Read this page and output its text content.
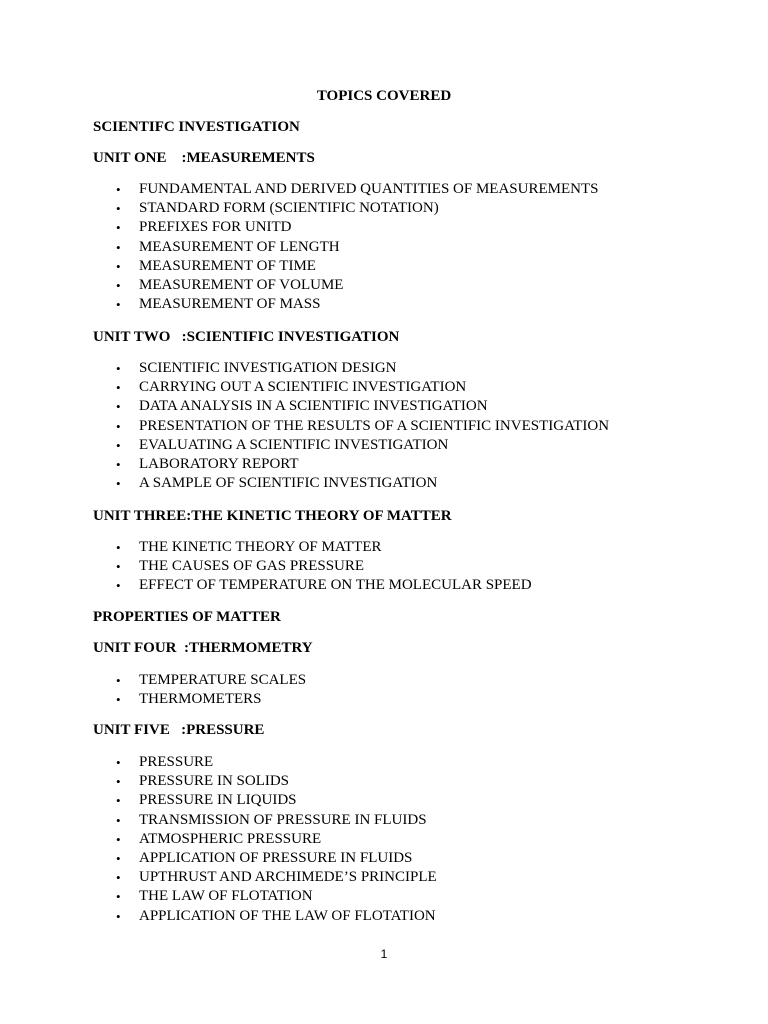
TOPICS COVERED

SCIENTIFC INVESTIGATION

UNIT ONE    :MEASUREMENTS

• FUNDAMENTAL AND DERIVED QUANTITIES OF MEASUREMENTS
• STANDARD FORM (SCIENTIFIC NOTATION)
• PREFIXES FOR UNITD
• MEASUREMENT OF LENGTH
• MEASUREMENT OF TIME
• MEASUREMENT OF VOLUME
• MEASUREMENT OF MASS

UNIT TWO   :SCIENTIFIC INVESTIGATION

• SCIENTIFIC INVESTIGATION DESIGN
• CARRYING OUT A SCIENTIFIC INVESTIGATION
• DATA ANALYSIS IN A SCIENTIFIC INVESTIGATION
• PRESENTATION OF THE RESULTS OF A SCIENTIFIC INVESTIGATION
• EVALUATING A SCIENTIFIC INVESTIGATION
• LABORATORY REPORT
• A SAMPLE OF SCIENTIFIC INVESTIGATION

UNIT THREE:THE KINETIC THEORY OF MATTER

• THE KINETIC THEORY OF MATTER
• THE CAUSES OF GAS PRESSURE
• EFFECT OF TEMPERATURE ON THE MOLECULAR SPEED

PROPERTIES OF MATTER

UNIT FOUR  :THERMOMETRY

• TEMPERATURE SCALES
• THERMOMETERS

UNIT FIVE   :PRESSURE

• PRESSURE
• PRESSURE IN SOLIDS
• PRESSURE IN LIQUIDS
• TRANSMISSION OF PRESSURE IN FLUIDS
• ATMOSPHERIC PRESSURE
• APPLICATION OF PRESSURE IN FLUIDS
• UPTHRUST AND ARCHIMEDE’S PRINCIPLE
• THE LAW OF FLOTATION
• APPLICATION OF THE LAW OF FLOTATION
1
